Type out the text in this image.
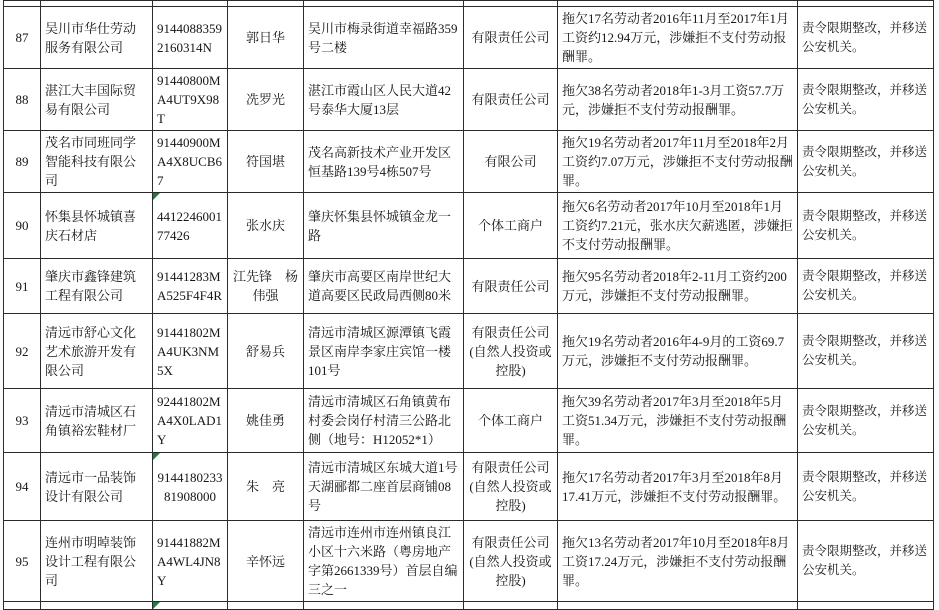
87	吴川市华仕劳动服务有限公司	91440883592160314N	郭日华	吴川市梅录街道幸福路359号二楼	有限责任公司	拖欠17名劳动者2016年11月至2017年1月工资约12.94万元，涉嫌拒不支付劳动报酬罪。	责令限期整改，并移送公安机关。
88	湛江大丰国际贸易有限公司	91440800MA4UT9X98T	冼罗光	湛江市霞山区人民大道42号泰华大厦13层	有限责任公司	拖欠38名劳动者2018年1-3月工资57.7万元，涉嫌拒不支付劳动报酬罪。	责令限期整改，并移送公安机关。
89	茂名市同班同学智能科技有限公司	91440900MA4X8UCB67	符国堪	茂名高新技术产业开发区恒基路139号4栋507号	有限公司	拖欠19名劳动者2017年11月至2018年2月工资约7.07万元，涉嫌拒不支付劳动报酬罪。	责令限期整改，并移送公安机关。
90	怀集县怀城镇喜庆石材店	441224600177426	张水庆	肇庆怀集县怀城镇金龙一路	个体工商户	拖欠6名劳动者2017年10月至2018年1月工资约7.21元，张水庆欠薪逃匿，涉嫌拒不支付劳动报酬罪。	责令限期整改，并移送公安机关。
91	肇庆市鑫锋建筑工程有限公司	91441283MA525F4F4R	江先锋　杨伟强	肇庆市高要区南岸世纪大道高要区民政局西侧80米	有限责任公司	拖欠95名劳动者2018年2-11月工资约200万元，涉嫌拒不支付劳动报酬罪。	责令限期整改，并移送公安机关。
92	清远市舒心文化艺术旅游开发有限公司	91441802MA4UK3NM5X	舒易兵	清远市清城区源潭镇飞霞景区南岸李家庄宾馆一楼101号	有限责任公司(自然人投资或控股)	拖欠19名劳动者2016年4-9月的工资69.7万元，涉嫌拒不支付劳动报酬罪。	责令限期整改，并移送公安机关。
93	清远市清城区石角镇裕宏鞋材厂	92441802MA4X0LAD1Y	姚佳勇	清远市清城区石角镇黄布村委会岗仔村清三公路北侧（地号：H12052*1）	个体工商户	拖欠39名劳动者2017年3月至2018年5月工资51.34万元，涉嫌拒不支付劳动报酬罪。	责令限期整改，并移送公安机关。
94	清远市一品装饰设计有限公司	914418023381908000	朱　亮	清远市清城区东城大道1号天湖郦都二座首层商铺08号	有限责任公司(自然人投资或控股)	拖欠17名劳动者2017年3月至2018年8月17.41万元，涉嫌拒不支付劳动报酬罪。	责令限期整改，并移送公安机关。
95	连州市明晫装饰设计工程有限公司	91441882MA4WL4JN8Y	辛怀远	清远市连州市连州镇良江小区十六米路（粤房地产字第2661339号）首层自编三之一	有限责任公司(自然人投资或控股)	拖欠13名劳动者2017年10月至2018年8月工资17.24万元，涉嫌拒不支付劳动报酬罪。	责令限期整改，并移送公安机关。
